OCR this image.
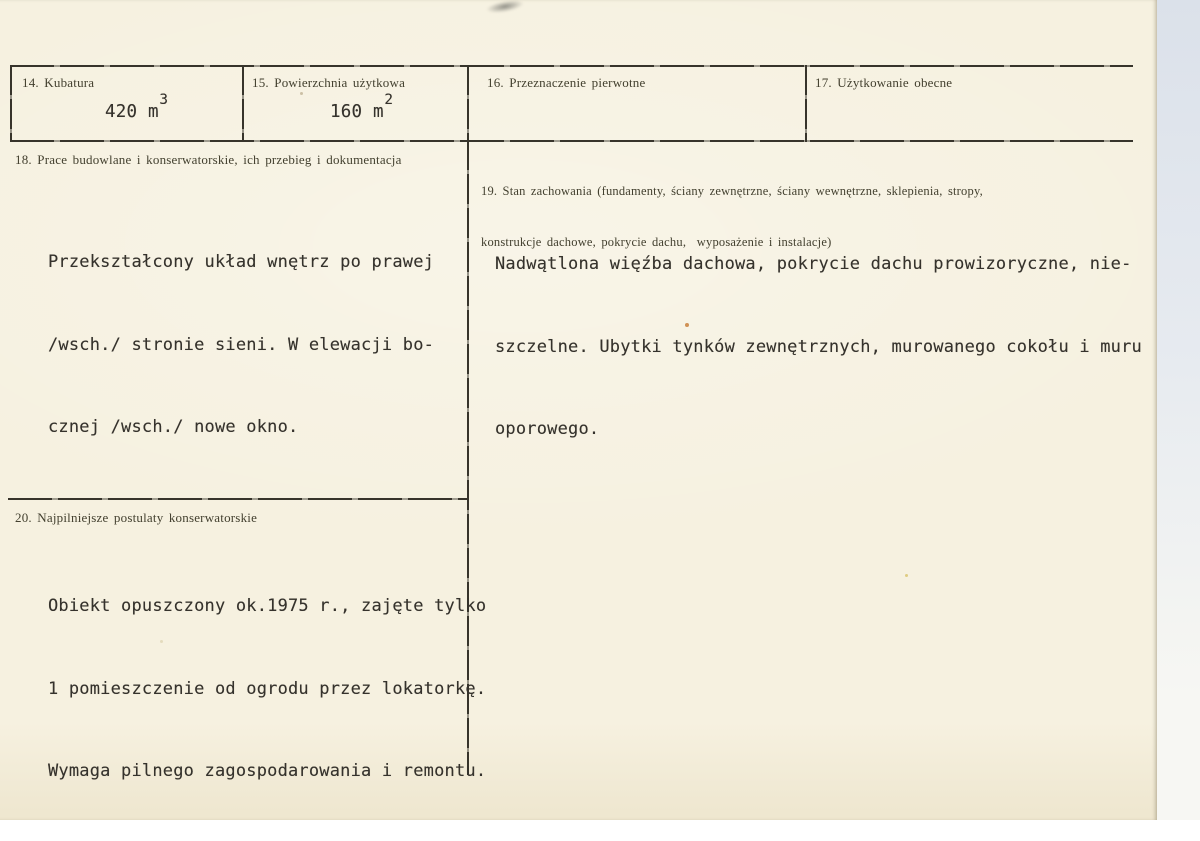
14. Kubatura
420 $m^3$
15. Powierzchnia użytkowa
160 $m^2$
16. Przeznaczenie pierwotne	17. Użytkowanie obecne
18. Prace budowlane i konserwatorskie, ich przebieg i dokumentacja

Przekształcony układ wnętrz po prawej

/wsch./ stronie sieni. W elewacji bo-

cznej /wsch./ nowe okno.

19. Stan zachowania (fundamenty, ściany zewnętrzne, ściany wewnętrzne, sklepienia, stropy,

konstrukcje dachowe, pokrycie dachu,  wyposażenie i instalacje)

Nadwątlona więźba dachowa, pokrycie dachu prowizoryczne, nie-

szczelne. Ubytki tynków zewnętrznych, murowanego cokołu i muru

oporowego.

20. Najpilniejsze postulaty konserwatorskie

Obiekt opuszczony ok.1975 r., zajęte tylko

1 pomieszczenie od ogrodu przez lokatorkę.

Wymaga pilnego zagospodarowania i remontu.
